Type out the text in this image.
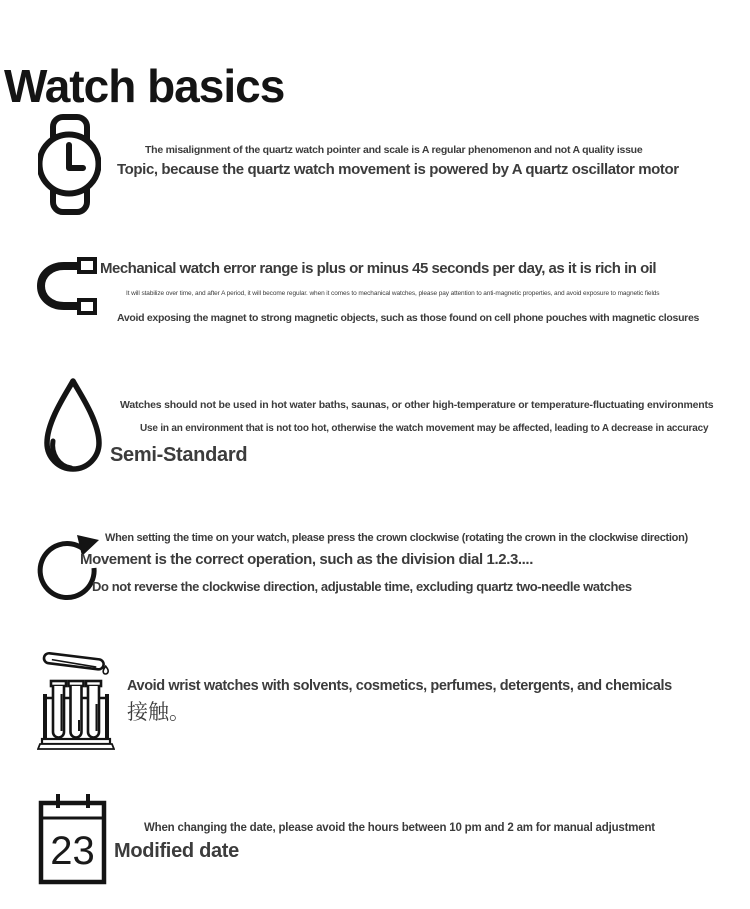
Watch basics
The misalignment of the quartz watch pointer and scale is A regular phenomenon and not A quality issue
Topic, because the quartz watch movement is powered by A quartz oscillator motor
Mechanical watch error range is plus or minus 45 seconds per day, as it is rich in oil
It will stabilize over time, and after A period, it will become regular. when it comes to mechanical watches, please pay attention to anti-magnetic properties, and avoid exposure to magnetic fields
Avoid exposing the magnet to strong magnetic objects, such as those found on cell phone pouches with magnetic closures
Watches should not be used in hot water baths, saunas, or other high-temperature or temperature-fluctuating environments
Use in an environment that is not too hot, otherwise the watch movement may be affected, leading to A decrease in accuracy
Semi-Standard
When setting the time on your watch, please press the crown clockwise (rotating the crown in the clockwise direction)
Movement is the correct operation, such as the division dial 1.2.3....
Do not reverse the clockwise direction, adjustable time, excluding quartz two-needle watches
Avoid wrist watches with solvents, cosmetics, perfumes, detergents, and chemicals
接触。
23
When changing the date, please avoid the hours between 10 pm and 2 am for manual adjustment
Modified date
